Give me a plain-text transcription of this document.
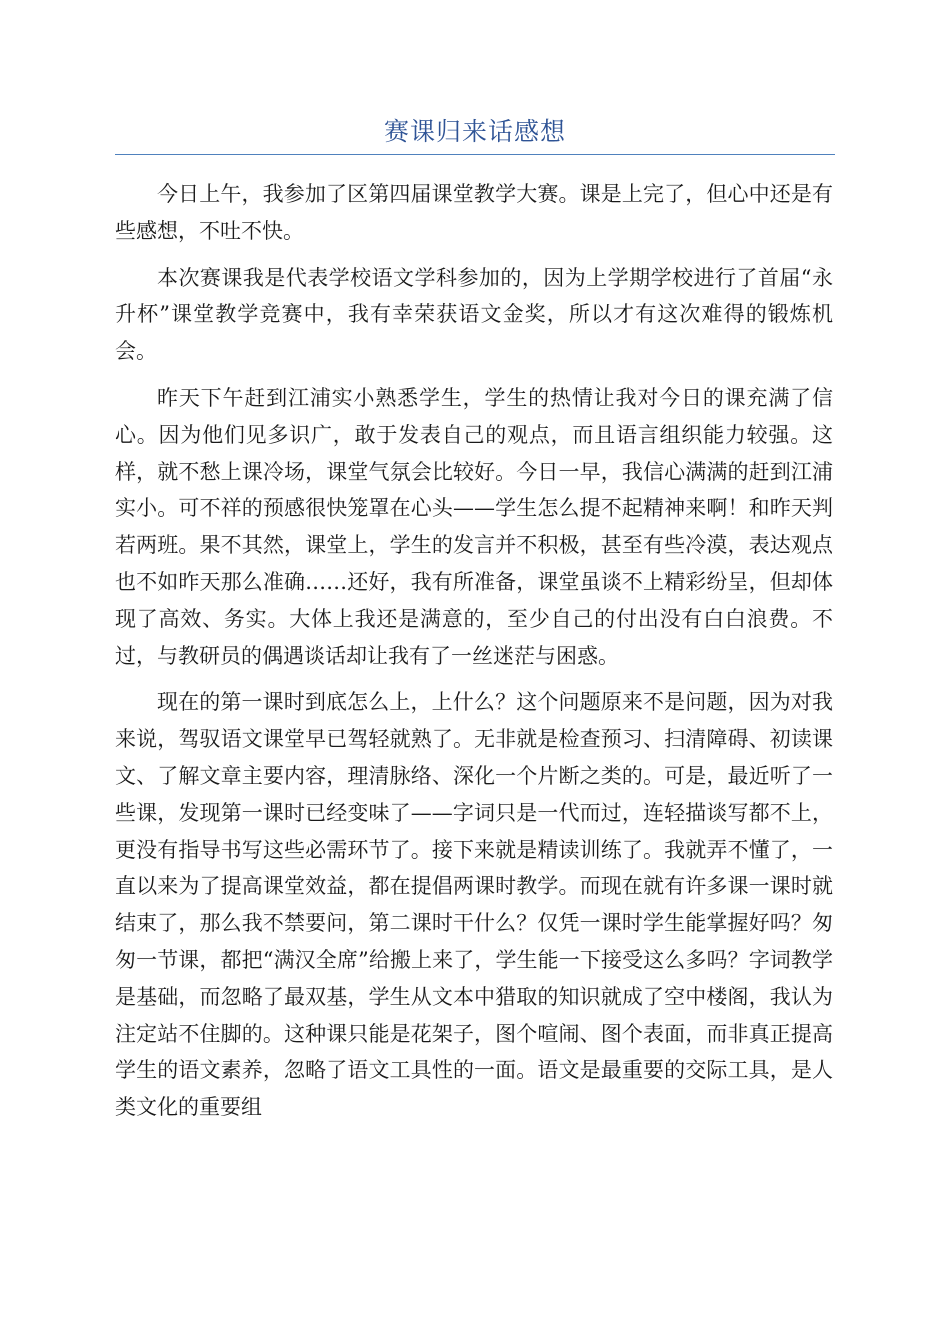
赛课归来话感想

今日上午，我参加了区第四届课堂教学大赛。课是上完了，但心中还是有些感想，不吐不快。

本次赛课我是代表学校语文学科参加的，因为上学期学校进行了首届“永升杯”课堂教学竞赛中，我有幸荣获语文金奖，所以才有这次难得的锻炼机会。

昨天下午赶到江浦实小熟悉学生，学生的热情让我对今日的课充满了信心。因为他们见多识广，敢于发表自己的观点，而且语言组织能力较强。这样，就不愁上课冷场，课堂气氛会比较好。今日一早，我信心满满的赶到江浦实小。可不祥的预感很快笼罩在心头——学生怎么提不起精神来啊！和昨天判若两班。果不其然，课堂上，学生的发言并不积极，甚至有些冷漠，表达观点也不如昨天那么准确……还好，我有所准备，课堂虽谈不上精彩纷呈，但却体现了高效、务实。大体上我还是满意的，至少自己的付出没有白白浪费。不过，与教研员的偶遇谈话却让我有了一丝迷茫与困惑。

现在的第一课时到底怎么上，上什么？这个问题原来不是问题，因为对我来说，驾驭语文课堂早已驾轻就熟了。无非就是检查预习、扫清障碍、初读课文、了解文章主要内容，理清脉络、深化一个片断之类的。可是，最近听了一些课，发现第一课时已经变味了——字词只是一代而过，连轻描谈写都不上，更没有指导书写这些必需环节了。接下来就是精读训练了。我就弄不懂了，一直以来为了提高课堂效益，都在提倡两课时教学。而现在就有许多课一课时就结束了，那么我不禁要问，第二课时干什么？仅凭一课时学生能掌握好吗？匆匆一节课，都把“满汉全席”给搬上来了，学生能一下接受这么多吗？字词教学是基础，而忽略了最双基，学生从文本中猎取的知识就成了空中楼阁，我认为注定站不住脚的。这种课只能是花架子，图个喧闹、图个表面，而非真正提高学生的语文素养，忽略了语文工具性的一面。语文是最重要的交际工具，是人类文化的重要组
